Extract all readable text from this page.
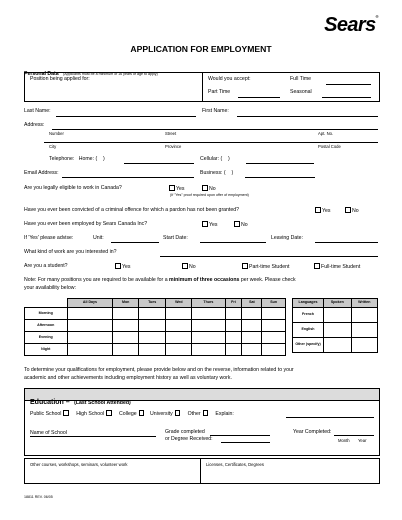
Sears®
APPLICATION FOR EMPLOYMENT
Personal Data (Applicants must be a minimum of 16 years of age to apply)
Position being applied for:	Would you accept:	Full Time
Part Time	Seasonal
Last Name:	First Name:
Address:
Number	Street	Apt. No.
City	Province	Postal Code
Telephone: Home: ( )	Cellular: ( )
Email Address:	Business: ( )
Are you legally eligible to work in Canada?	Yes	No
(If "Yes" proof required upon offer of employment)
Have you ever been convicted of a criminal offence for which a pardon has not been granted?	Yes	No
Have you ever been employed by Sears Canada Inc?	Yes	No
If 'Yes' please advise:	Unit:	Start Date:	Leaving Date:
What kind of work are you interested in?
Are you a student?	Yes	No	Part-time Student	Full-time Student
Note: For many positions you are required to be available for a minimum of three occasions per week. Please check
your availability below:
	All Days	Mon	Tues	Wed	Thurs	Fri	Sat	Sun
Morning								
Afternoon								
Evening								
Night								
Languages	Spoken	Written
French		
English		
Other (specify)		
To determine your qualifications for employment, please provide below and on the reverse, information related to your
academic and other achievements including employment history as well as voluntary work.
Education – (Last School Attended)
Public School	High School	College	University	Other	Explain:
Name of School	Grade completed
or Degree Received:
Year Completed:
Month Year
Other courses, workshops, seminars, volunteer work	Licenses, Certificates, Degrees
18811 REV. 06/05
